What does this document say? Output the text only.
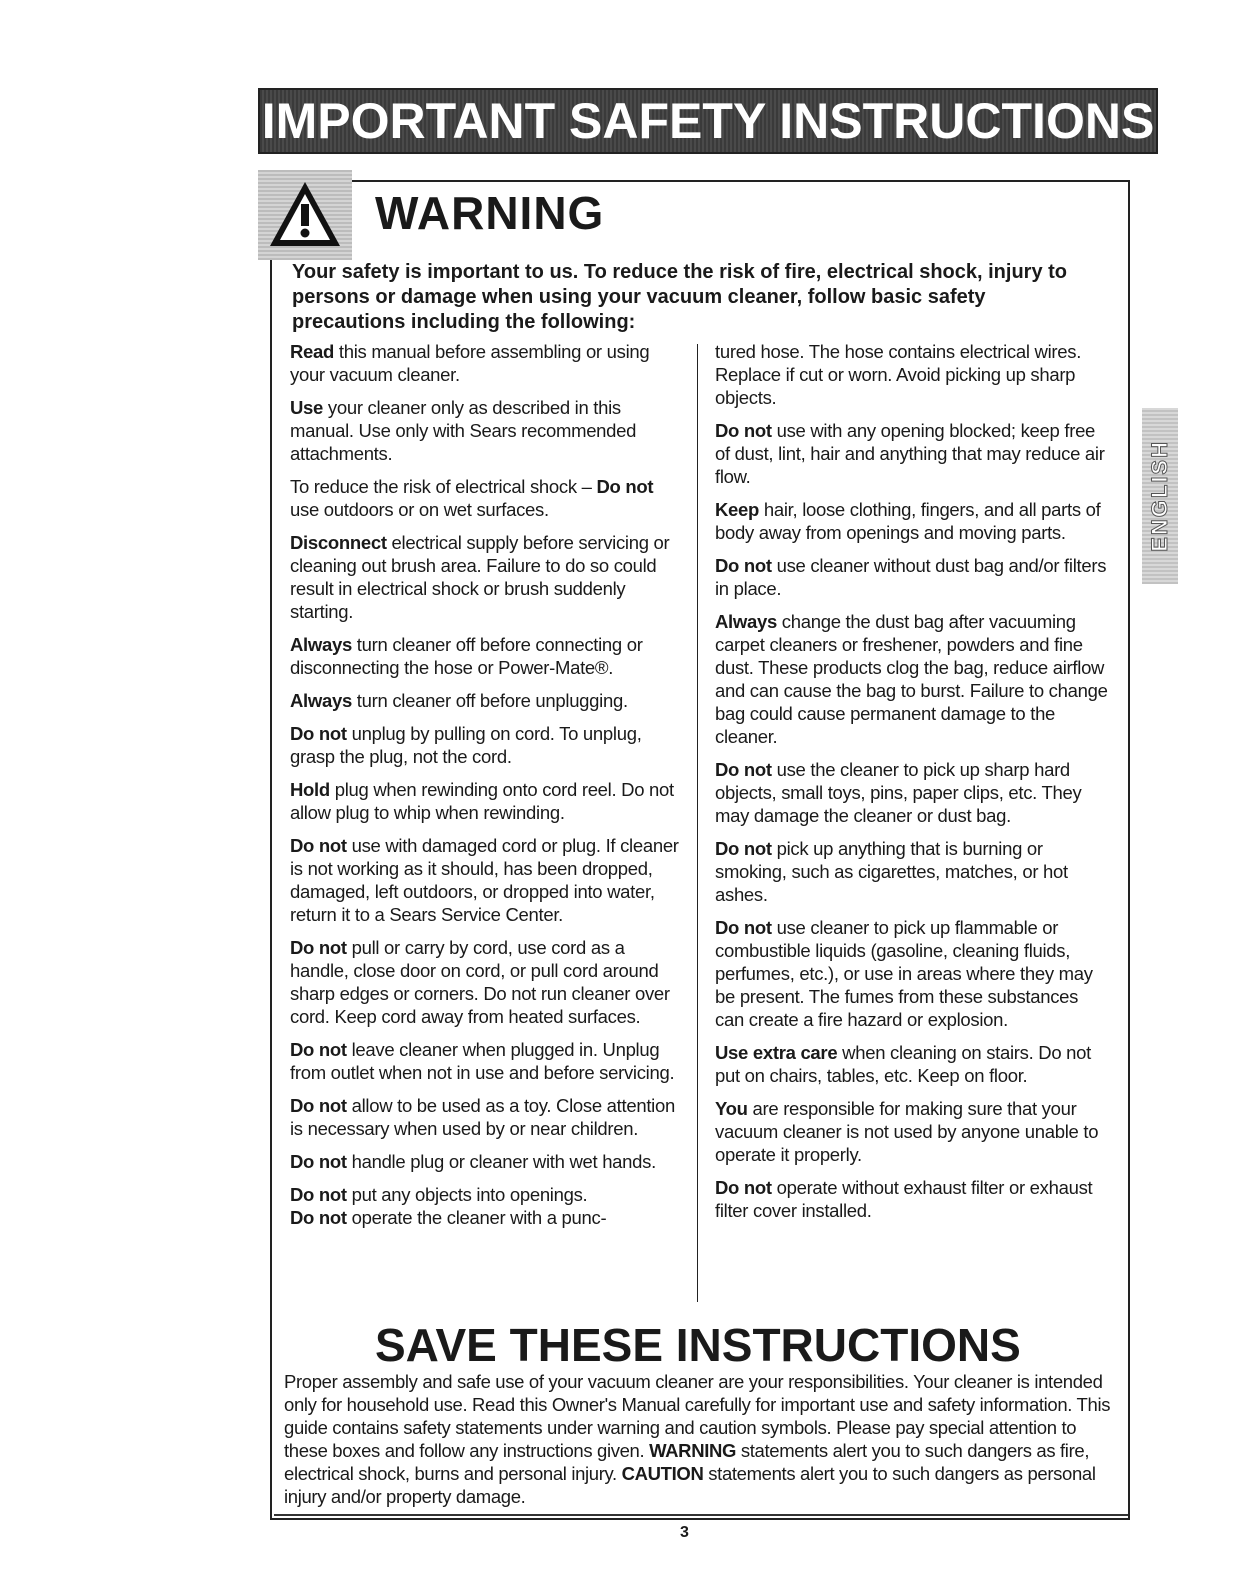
IMPORTANT SAFETY INSTRUCTIONS
WARNING
Your safety is important to us. To reduce the risk of fire, electrical shock, injury to persons or damage when using your vacuum cleaner, follow basic safety precautions including the following:
Read this manual before assembling or using your vacuum cleaner.
Use your cleaner only as described in this manual. Use only with Sears recommended attachments.
To reduce the risk of electrical shock – Do not use outdoors or on wet surfaces.
Disconnect electrical supply before servicing or cleaning out brush area. Failure to do so could result in electrical shock or brush suddenly starting.
Always turn cleaner off before connecting or disconnecting the hose or Power-Mate®.
Always turn cleaner off before unplugging.
Do not unplug by pulling on cord. To unplug, grasp the plug, not the cord.
Hold plug when rewinding onto cord reel. Do not allow plug to whip when rewinding.
Do not use with damaged cord or plug. If cleaner is not working as it should, has been dropped, damaged, left outdoors, or dropped into water, return it to a Sears Service Center.
Do not pull or carry by cord, use cord as a handle, close door on cord, or pull cord around sharp edges or corners. Do not run cleaner over cord. Keep cord away from heated surfaces.
Do not leave cleaner when plugged in. Unplug from outlet when not in use and before servicing.
Do not allow to be used as a toy. Close attention is necessary when used by or near children.
Do not handle plug or cleaner with wet hands.
Do not put any objects into openings.
Do not operate the cleaner with a punc-
tured hose. The hose contains electrical wires. Replace if cut or worn. Avoid picking up sharp objects.
Do not use with any opening blocked; keep free of dust, lint, hair and anything that may reduce air flow.
Keep hair, loose clothing, fingers, and all parts of body away from openings and moving parts.
Do not use cleaner without dust bag and/or filters in place.
Always change the dust bag after vacuuming carpet cleaners or freshener, powders and fine dust. These products clog the bag, reduce airflow and can cause the bag to burst. Failure to change bag could cause permanent damage to the cleaner.
Do not use the cleaner to pick up sharp hard objects, small toys, pins, paper clips, etc. They may damage the cleaner or dust bag.
Do not pick up anything that is burning or smoking, such as cigarettes, matches, or hot ashes.
Do not use cleaner to pick up flammable or combustible liquids (gasoline, cleaning fluids, perfumes, etc.), or use in areas where they may be present. The fumes from these substances can create a fire hazard or explosion.
Use extra care when cleaning on stairs. Do not put on chairs, tables, etc. Keep on floor.
You are responsible for making sure that your vacuum cleaner is not used by anyone unable to operate it properly.
Do not operate without exhaust filter or exhaust filter cover installed.
SAVE THESE INSTRUCTIONS
Proper assembly and safe use of your vacuum cleaner are your responsibilities. Your cleaner is intended only for household use. Read this Owner's Manual carefully for important use and safety information. This guide contains safety statements under warning and caution symbols. Please pay special attention to these boxes and follow any instructions given. WARNING statements alert you to such dangers as fire, electrical shock, burns and personal injury. CAUTION statements alert you to such dangers as personal injury and/or property damage.
3
ENGLISH
